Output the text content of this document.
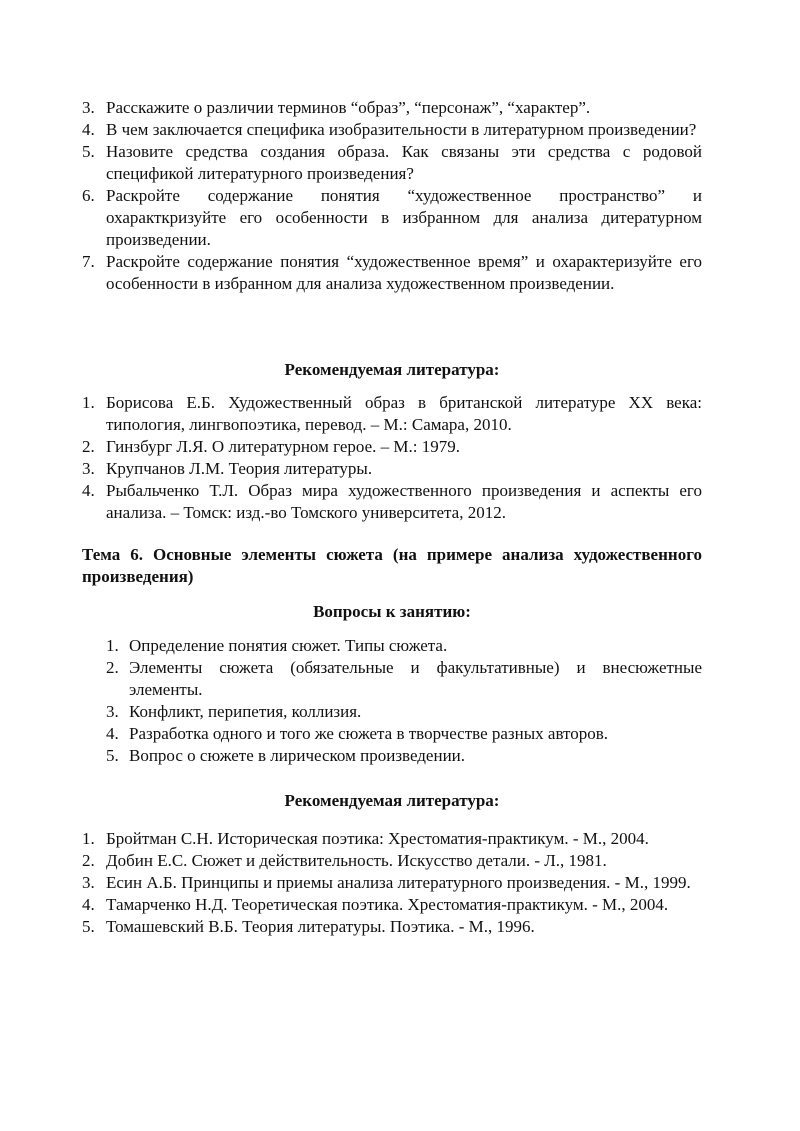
3. Расскажите о различии терминов “образ”, “персонаж”, “характер”.
4. В чем заключается специфика изобразительности в литературном произведении?
5. Назовите средства создания образа. Как связаны эти средства с родовой спецификой литературного произведения?
6. Раскройте содержание понятия “художественное пространство” и охаракткризуйте его особенности в избранном для анализа дитературном произведении.
7. Раскройте содержание понятия “художественное время” и охарактеризуйте его особенности в избранном для анализа художественном произведении.
Рекомендуемая литература:
1. Борисова Е.Б. Художественный образ в британской литературе XX века: типология, лингвопоэтика, перевод. – М.: Самара, 2010.
2. Гинзбург Л.Я. О литературном герое. – М.: 1979.
3. Крупчанов Л.М. Теория литературы.
4. Рыбальченко Т.Л. Образ мира художественного произведения и аспекты его анализа. – Томск: изд.-во Томского университета, 2012.
Тема 6. Основные элементы сюжета (на примере анализа художественного
произведения)
Вопросы к занятию:
1. Определение понятия сюжет. Типы сюжета.
2. Элементы сюжета (обязательные и факультативные) и внесюжетные элементы.
3. Конфликт, перипетия, коллизия.
4. Разработка одного и того же сюжета в творчестве разных авторов.
5. Вопрос о сюжете в лирическом произведении.
Рекомендуемая литература:
1. Бройтман С.Н. Историческая поэтика: Хрестоматия-практикум. - М., 2004.
2. Добин Е.С. Сюжет и действительность. Искусство детали. - Л., 1981.
3. Есин А.Б. Принципы и приемы анализа литературного произведения. - М., 1999.
4. Тамарченко Н.Д. Теоретическая поэтика. Хрестоматия-практикум. - М., 2004.
5. Томашевский В.Б. Теория литературы. Поэтика. - М., 1996.
